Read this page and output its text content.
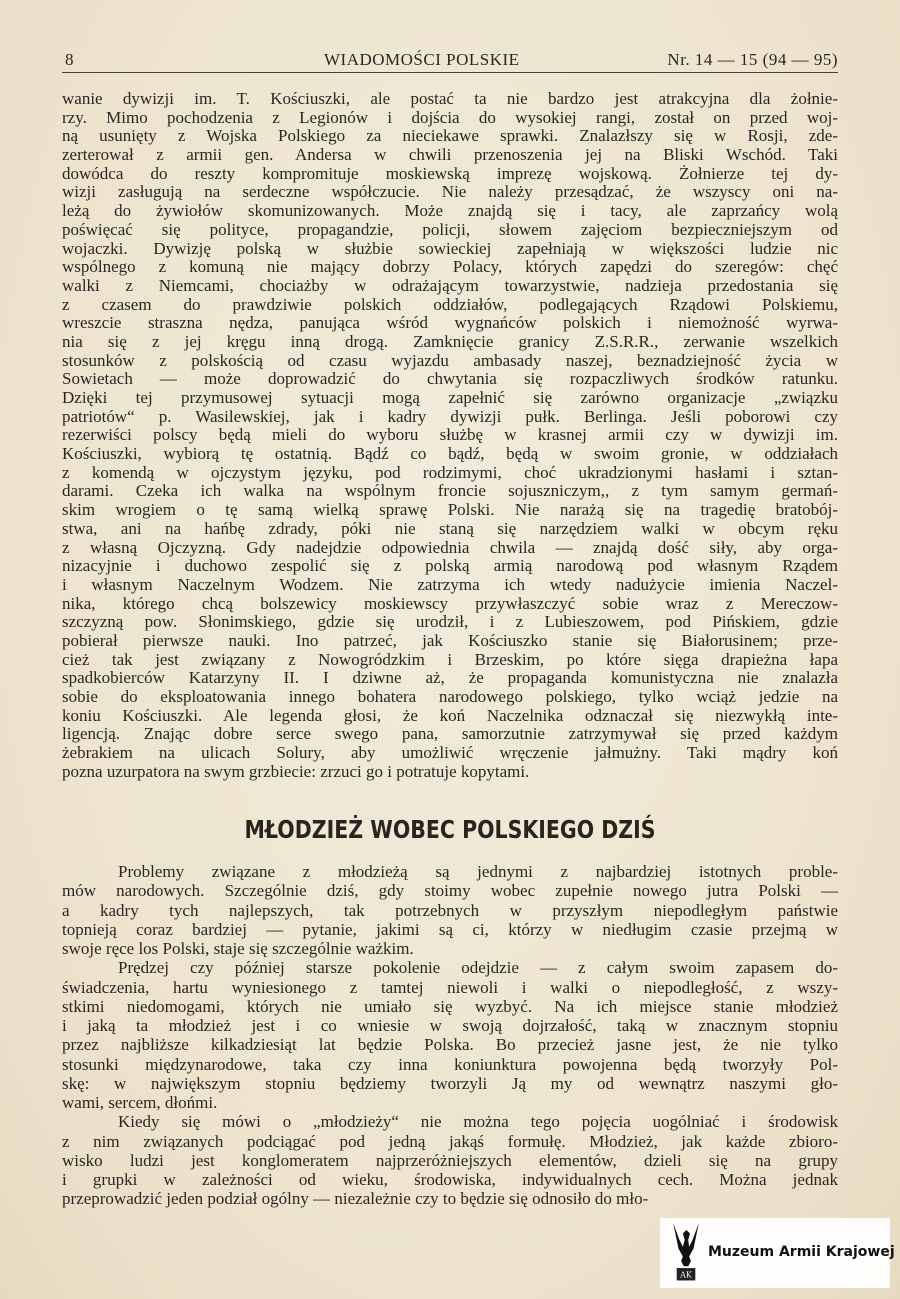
8	WIADOMOŚCI POLSKIE	Nr. 14 — 15 (94 — 95)
wanie dywizji im. T. Kościuszki, ale postać ta nie bardzo jest atrakcyjna dla żołnie-
rzy. Mimo pochodzenia z Legionów i dojścia do wysokiej rangi, został on przed woj-
ną usunięty z Wojska Polskiego za nieciekawe sprawki. Znalazłszy się w Rosji, zde-
zerterował z armii gen. Andersa w chwili przenoszenia jej na Bliski Wschód. Taki
dowódca do reszty kompromituje moskiewską imprezę wojskową. Żołnierze tej dy-
wizji zasługują na serdeczne współczucie. Nie należy przesądzać, że wszyscy oni na-
leżą do żywiołów skomunizowanych. Może znajdą się i tacy, ale zaprzańcy wolą
poświęcać się polityce, propagandzie, policji, słowem zajęciom bezpieczniejszym od
wojaczki. Dywizję polską w służbie sowieckiej zapełniają w większości ludzie nic
wspólnego z komuną nie mający dobrzy Polacy, których zapędzi do szeregów: chęć
walki z Niemcami, chociażby w odrażającym towarzystwie, nadzieja przedostania się
z czasem do prawdziwie polskich oddziałów, podlegających Rządowi Polskiemu,
wreszcie straszna nędza, panująca wśród wygnańców polskich i niemożność wyrwa-
nia się z jej kręgu inną drogą. Zamknięcie granicy Z.S.R.R., zerwanie wszelkich
stosunków z polskością od czasu wyjazdu ambasady naszej, beznadziejność życia w
Sowietach — może doprowadzić do chwytania się rozpaczliwych środków ratunku.
Dzięki tej przymusowej sytuacji mogą zapełnić się zarówno organizacje „związku
patriotów“ p. Wasilewskiej, jak i kadry dywizji pułk. Berlinga. Jeśli poborowi czy
rezerwiści polscy będą mieli do wyboru służbę w krasnej armii czy w dywizji im.
Kościuszki, wybiorą tę ostatnią. Bądź co bądź, będą w swoim gronie, w oddziałach
z komendą w ojczystym języku, pod rodzimymi, choć ukradzionymi hasłami i sztan-
darami. Czeka ich walka na wspólnym froncie sojuszniczym,, z tym samym germań-
skim wrogiem o tę samą wielką sprawę Polski. Nie narażą się na tragedię bratobój-
stwa, ani na hańbę zdrady, póki nie staną się narzędziem walki w obcym ręku
z własną Ojczyzną. Gdy nadejdzie odpowiednia chwila — znajdą dość siły, aby orga-
nizacyjnie i duchowo zespolić się z polską armią narodową pod własnym Rządem
i własnym Naczelnym Wodzem. Nie zatrzyma ich wtedy nadużycie imienia Naczel-
nika, którego chcą bolszewicy moskiewscy przywłaszczyć sobie wraz z Mereczow-
szczyzną pow. Słonimskiego, gdzie się urodził, i z Lubieszowem, pod Pińskiem, gdzie
pobierał pierwsze nauki. Ino patrzeć, jak Kościuszko stanie się Białorusinem; prze-
cież tak jest związany z Nowogródzkim i Brzeskim, po które sięga drapieżna łapa
spadkobierców Katarzyny II. I dziwne aż, że propaganda komunistyczna nie znalazła
sobie do eksploatowania innego bohatera narodowego polskiego, tylko wciąż jedzie na
koniu Kościuszki. Ale legenda głosi, że koń Naczelnika odznaczał się niezwykłą inte-
ligencją. Znając dobre serce swego pana, samorzutnie zatrzymywał się przed każdym
żebrakiem na ulicach Solury, aby umożliwić wręczenie jałmużny. Taki mądry koń
pozna uzurpatora na swym grzbiecie: zrzuci go i potratuje kopytami.
MŁODZIEŻ WOBEC POLSKIEGO DZIŚ
Problemy związane z młodzieżą są jednymi z najbardziej istotnych proble-
mów narodowych. Szczególnie dziś, gdy stoimy wobec zupełnie nowego jutra Polski —
a kadry tych najlepszych, tak potrzebnych w przyszłym niepodległym państwie
topnieją coraz bardziej — pytanie, jakimi są ci, którzy w niedługim czasie przejmą w
swoje ręce los Polski, staje się szczególnie ważkim.
Prędzej czy później starsze pokolenie odejdzie — z całym swoim zapasem do-
świadczenia, hartu wyniesionego z tamtej niewoli i walki o niepodległość, z wszy-
stkimi niedomogami, których nie umiało się wyzbyć. Na ich miejsce stanie młodzież
i jaką ta młodzież jest i co wniesie w swoją dojrzałość, taką w znacznym stopniu
przez najbliższe kilkadziesiąt lat będzie Polska. Bo przecież jasne jest, że nie tylko
stosunki międzynarodowe, taka czy inna koniunktura powojenna będą tworzyły Pol-
skę: w największym stopniu będziemy tworzyli Ją my od wewnątrz naszymi gło-
wami, sercem, dłońmi.
Kiedy się mówi o „młodzieży“ nie można tego pojęcia uogólniać i środowisk
z nim związanych podciągać pod jedną jakąś formułę. Młodzież, jak każde zbioro-
wisko ludzi jest konglomeratem najprzeróżniejszych elementów, dzieli się na grupy
i grupki w zależności od wieku, środowiska, indywidualnych cech. Można jednak
przeprowadzić jeden podział ogólny — niezależnie czy to będzie się odnosiło do mło-
AK
Muzeum Armii Krajowej
